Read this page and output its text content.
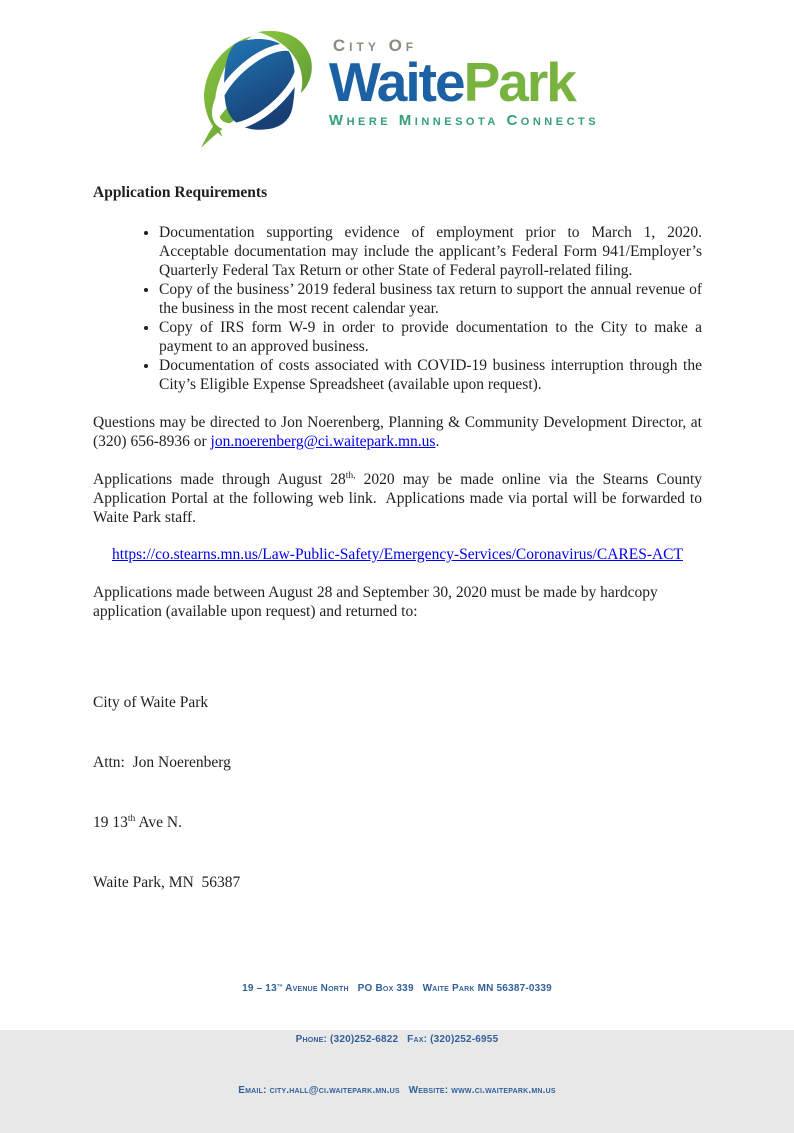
City Of
WaitePark
Where Minnesota Connects
Application Requirements
• Documentation supporting evidence of employment prior to March 1, 2020. Acceptable documentation may include the applicant’s Federal Form 941/Employer’s Quarterly Federal Tax Return or other State of Federal payroll-related filing.
• Copy of the business’ 2019 federal business tax return to support the annual revenue of the business in the most recent calendar year.
• Copy of IRS form W-9 in order to provide documentation to the City to make a payment to an approved business.
• Documentation of costs associated with COVID-19 business interruption through the City’s Eligible Expense Spreadsheet (available upon request).

Questions may be directed to Jon Noerenberg, Planning & Community Development Director, at (320) 656-8936 or jon.noerenberg@ci.waitepark.mn.us.

Applications made through August $28^{th,}$ 2020 may be made online via the Stearns County Application Portal at the following web link.  Applications made via portal will be forwarded to Waite Park staff.

https://co.stearns.mn.us/Law-Public-Safety/Emergency-Services/Coronavirus/CARES-ACT

Applications made between August 28 and September 30, 2020 must be made by hardcopy application (available upon request) and returned to:

City of Waite Park

Attn:  Jon Noerenberg

19 13th Ave N.

Waite Park, MN  56387

19 – 13th Avenue North   PO Box 339   Waite Park MN 56387-0339

Phone: (320)252-6822   Fax: (320)252-6955

Email: city.hall@ci.waitepark.mn.us   Website: www.ci.waitepark.mn.us
